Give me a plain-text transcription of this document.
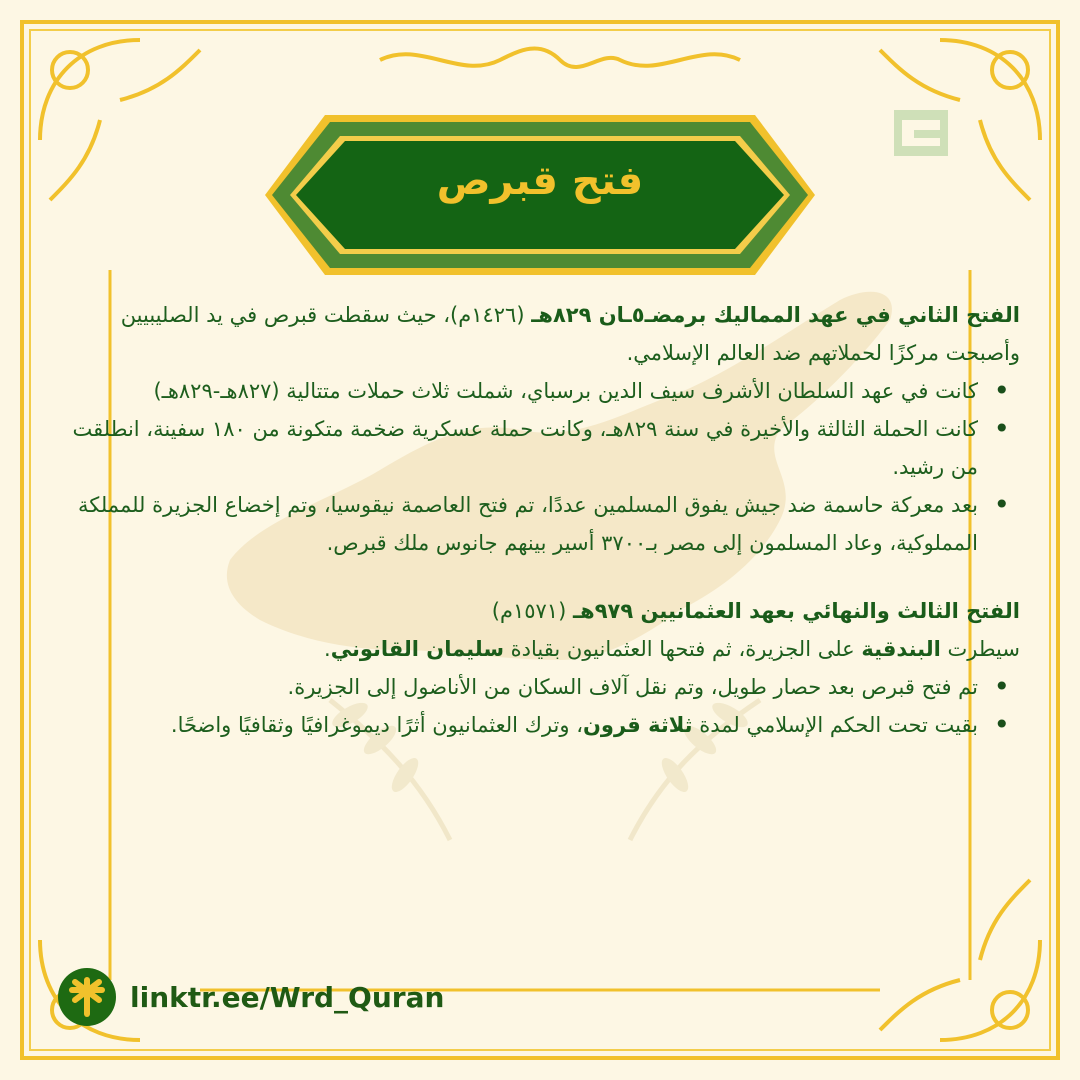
فتح قبرص

الفتح الثاني في عهد المماليك برمضـ٥ـان ٨٢٩هـ (١٤٢٦م)، حيث سقطت قبرص في يد الصليبيين وأصبحت مركزًا لحملاتهم ضد العالم الإسلامي.

• كانت في عهد السلطان الأشرف سيف الدين برسباي، شملت ثلاث حملات متتالية (٨٢٧هـ-٨٢٩هـ)
• كانت الحملة الثالثة والأخيرة في سنة ٨٢٩هـ، وكانت حملة عسكرية ضخمة متكونة من ١٨٠ سفينة، انطلقت من رشيد.
• بعد معركة حاسمة ضد جيش يفوق المسلمين عددًا، تم فتح العاصمة نيقوسيا، وتم إخضاع الجزيرة للمملكة المملوكية، وعاد المسلمون إلى مصر بـ٣٧٠٠ أسير بينهم جانوس ملك قبرص.

الفتح الثالث والنهائي بعهد العثمانيين ٩٧٩هـ (١٥٧١م)

سيطرت البندقية على الجزيرة، ثم فتحها العثمانيون بقيادة سليمان القانوني.

• تم فتح قبرص بعد حصار طويل، وتم نقل آلاف السكان من الأناضول إلى الجزيرة.
• بقيت تحت الحكم الإسلامي لمدة ثلاثة قرون، وترك العثمانيون أثرًا ديموغرافيًا وثقافيًا واضحًا.
linktr.ee/Wrd_Quran
